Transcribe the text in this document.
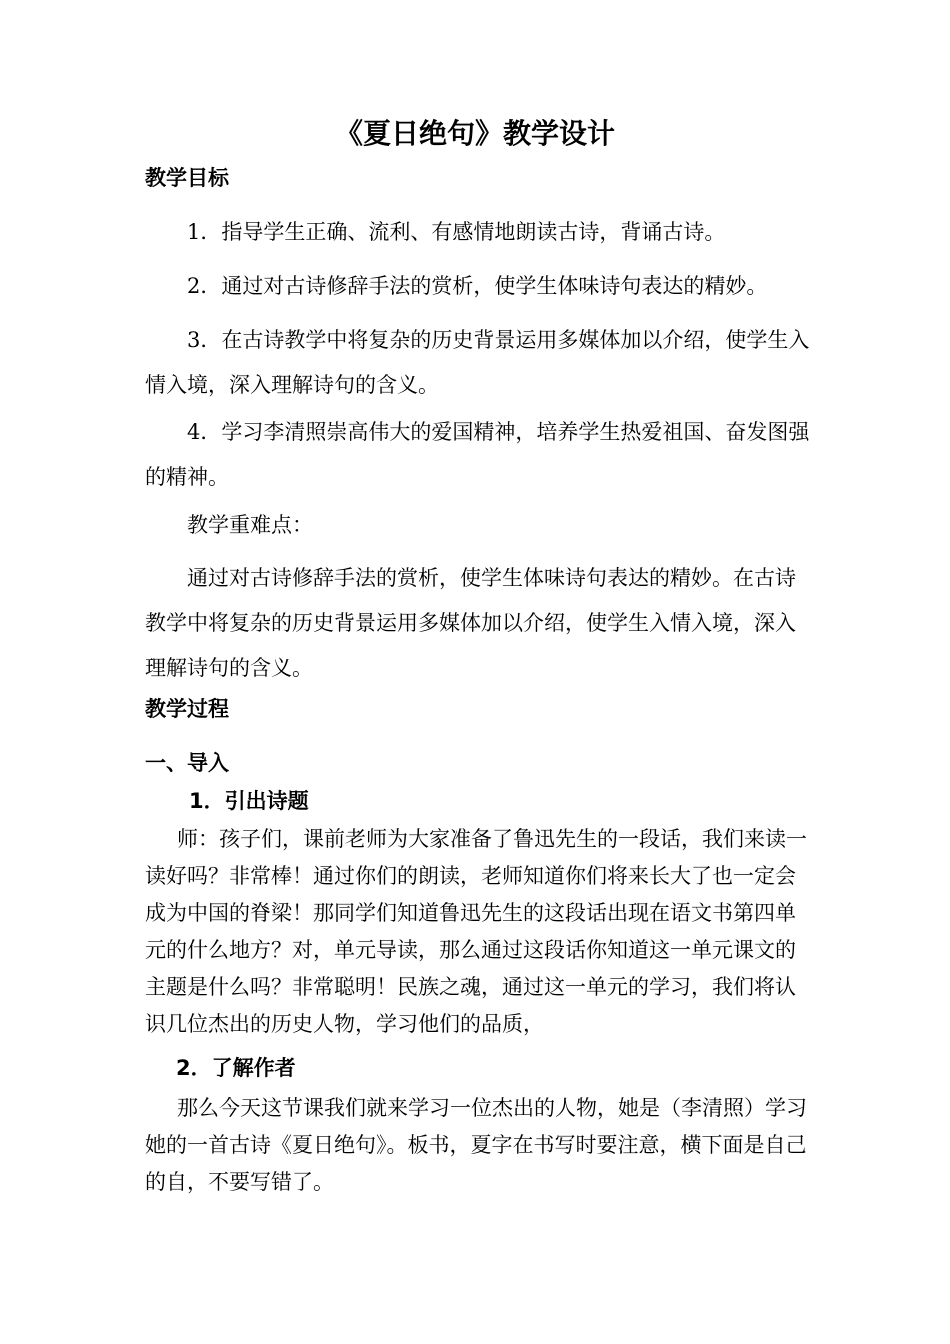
《夏日绝句》教学设计
教学目标
1．指导学生正确、流利、有感情地朗读古诗，背诵古诗。
2．通过对古诗修辞手法的赏析，使学生体味诗句表达的精妙。
3．在古诗教学中将复杂的历史背景运用多媒体加以介绍，使学生入情入境，深入理解诗句的含义。
4．学习李清照崇高伟大的爱国精神，培养学生热爱祖国、奋发图强的精神。
教学重难点：
通过对古诗修辞手法的赏析，使学生体味诗句表达的精妙。在古诗教学中将复杂的历史背景运用多媒体加以介绍，使学生入情入境，深入理解诗句的含义。
教学过程
一、导入
1．引出诗题
师：孩子们，课前老师为大家准备了鲁迅先生的一段话，我们来读一读好吗？非常棒！通过你们的朗读，老师知道你们将来长大了也一定会成为中国的脊梁！那同学们知道鲁迅先生的这段话出现在语文书第四单元的什么地方？对，单元导读，那么通过这段话你知道这一单元课文的主题是什么吗？非常聪明！民族之魂，通过这一单元的学习，我们将认识几位杰出的历史人物，学习他们的品质，
2．了解作者
那么今天这节课我们就来学习一位杰出的人物，她是（李清照）学习她的一首古诗《夏日绝句》。板书，夏字在书写时要注意，横下面是自己的自，不要写错了。
